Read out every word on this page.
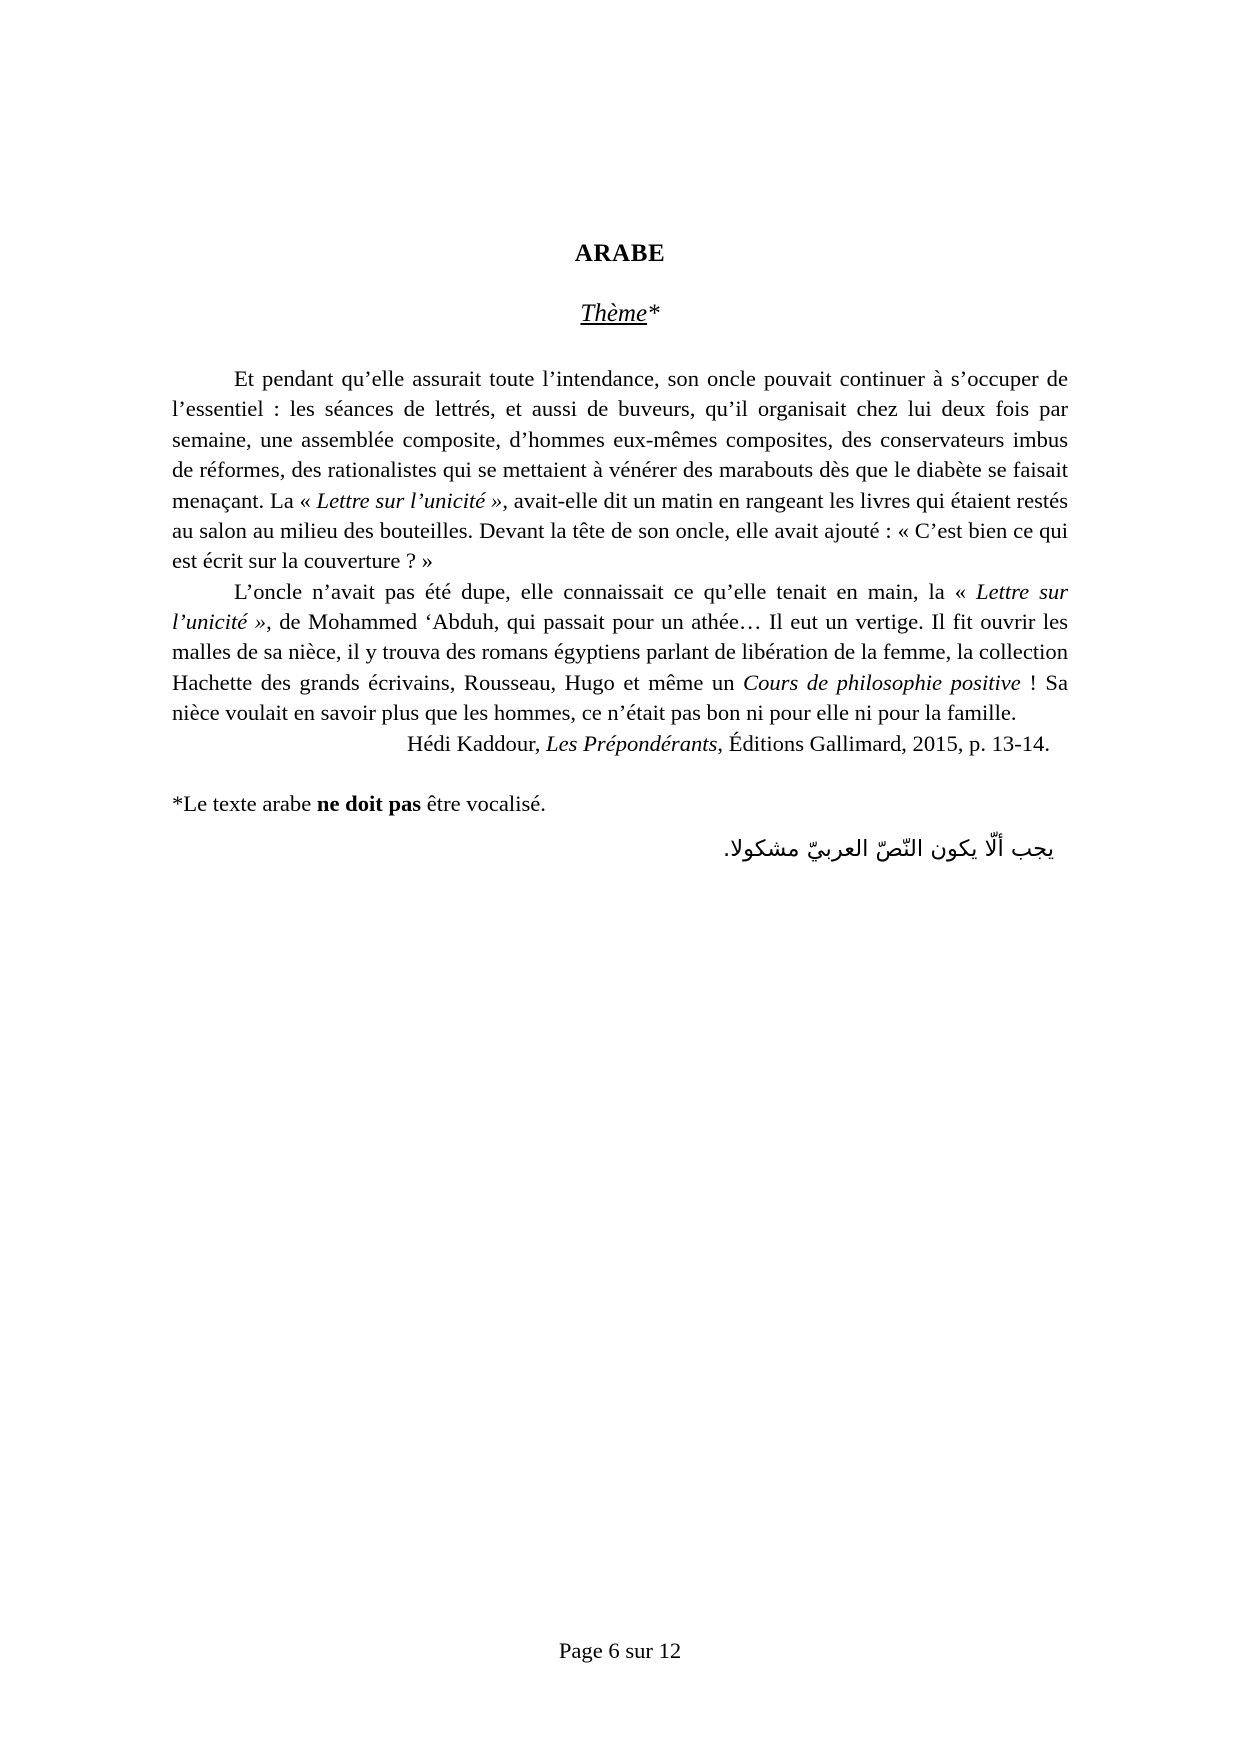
ARABE
Thème*

Et pendant qu’elle assurait toute l’intendance, son oncle pouvait continuer à s’occuper de l’essentiel : les séances de lettrés, et aussi de buveurs, qu’il organisait chez lui deux fois par semaine, une assemblée composite, d’hommes eux-mêmes composites, des conservateurs imbus de réformes, des rationalistes qui se mettaient à vénérer des marabouts dès que le diabète se faisait menaçant. La « Lettre sur l’unicité », avait-elle dit un matin en rangeant les livres qui étaient restés au salon au milieu des bouteilles. Devant la tête de son oncle, elle avait ajouté : « C’est bien ce qui est écrit sur la couverture ? »

L’oncle n’avait pas été dupe, elle connaissait ce qu’elle tenait en main, la « Lettre sur l’unicité », de Mohammed ‘Abduh, qui passait pour un athée… Il eut un vertige. Il fit ouvrir les malles de sa nièce, il y trouva des romans égyptiens parlant de libération de la femme, la collection Hachette des grands écrivains, Rousseau, Hugo et même un Cours de philosophie positive ! Sa nièce voulait en savoir plus que les hommes, ce n’était pas bon ni pour elle ni pour la famille.

Hédi Kaddour, Les Prépondérants, Éditions Gallimard, 2015, p. 13-14.
*Le texte arabe ne doit pas être vocalisé.
يجب ألّا يكون النّصّ العربيّ مشكولا.
Page 6 sur 12
